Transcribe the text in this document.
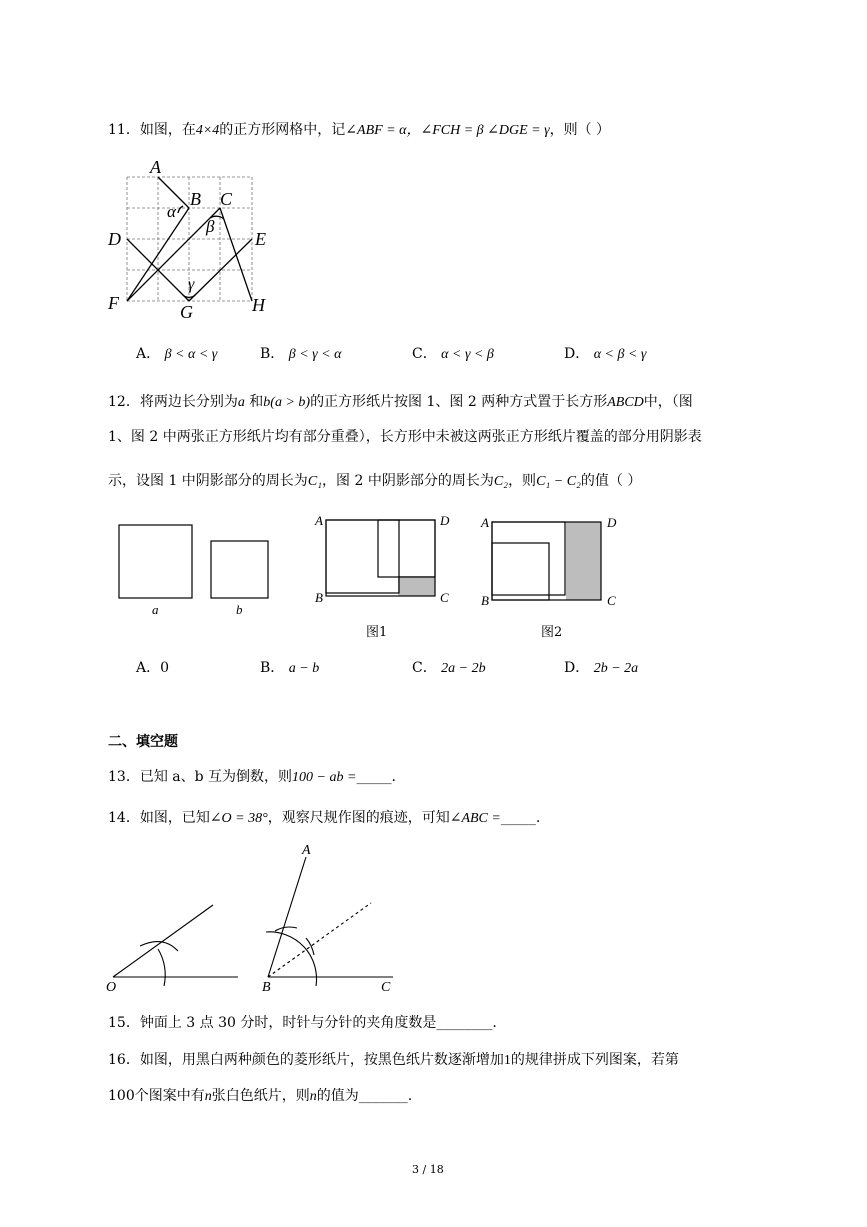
11．如图，在4×4的正方形网格中，记∠ABF = α，∠FCH = β ∠DGE = γ，则（ ）
A
B C
D	E
F	G	H
α
β
γ
A． β < α < γ	B． β < γ < α	C． α < γ < β	D． α < β < γ
12．将两边长分别为a 和b(a > b)的正方形纸片按图 1、图 2 两种方式置于长方形ABCD中，（图
1、图 2 中两张正方形纸片均有部分重叠），长方形中未被这两张正方形纸片覆盖的部分用阴影表
示，设图 1 中阴影部分的周长为C₁，图 2 中阴影部分的周长为C₂，则C₁ − C₂的值（ ）
a	b
A	D
B	C
图1
A	D
B	C
图2
A．0	B． a − b	C． 2a − 2b	D． 2b − 2a
二、填空题
13．已知 a、b 互为倒数，则100 − ab =_____.
14．如图，已知∠O = 38°，观察尺规作图的痕迹，可知∠ABC =_____.
O
A
B	C
15．钟面上 3 点 30 分时，时针与分针的夹角度数是________.
16．如图，用黑白两种颜色的菱形纸片，按黑色纸片数逐渐增加1的规律拼成下列图案，若第
100个图案中有n张白色纸片，则n的值为_______.
3 / 18
